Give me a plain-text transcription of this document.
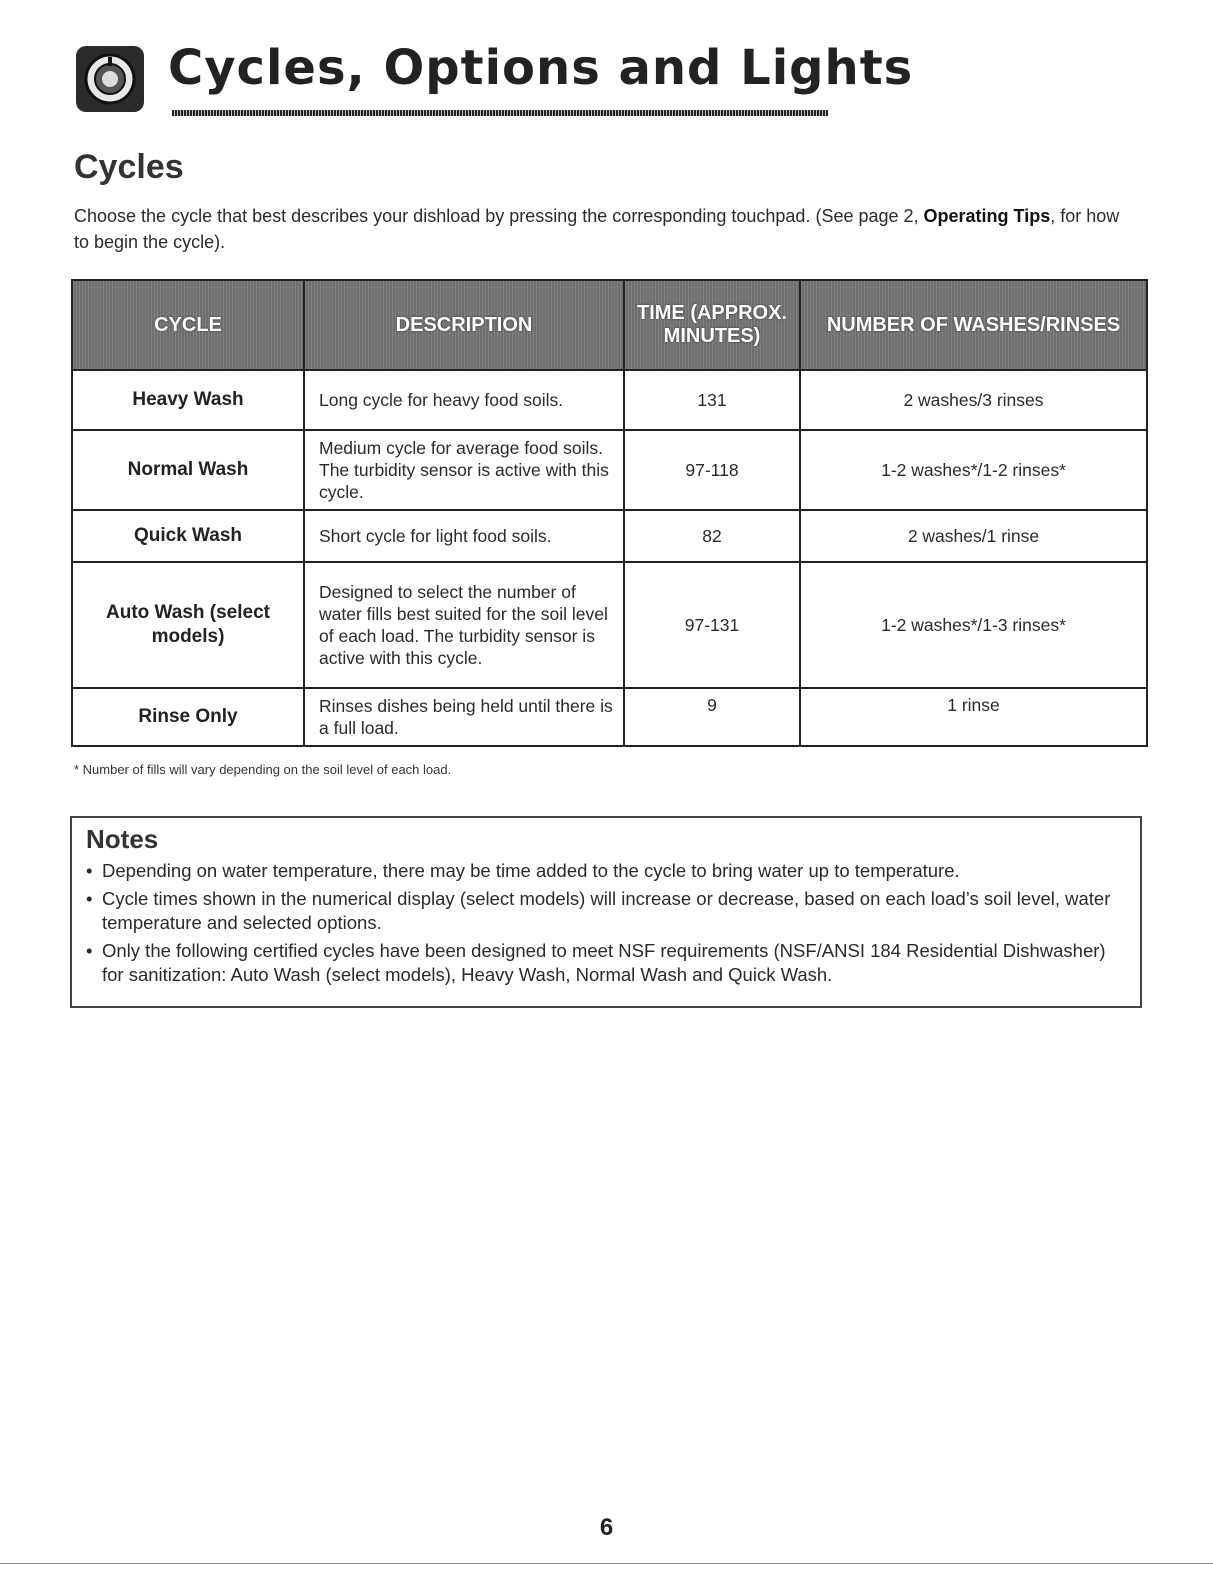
Cycles, Options and Lights
Cycles

Choose the cycle that best describes your dishload by pressing the corresponding touchpad. (See page 2, Operating Tips, for how to begin the cycle).

CYCLE	DESCRIPTION	TIME (APPROX. MINUTES)	NUMBER OF WASHES/RINSES
Heavy Wash	Long cycle for heavy food soils.	131	2 washes/3 rinses
Normal Wash	Medium cycle for average food soils. The turbidity sensor is active with this cycle.	97-118	1-2 washes*/1-2 rinses*
Quick Wash	Short cycle for light food soils.	82	2 washes/1 rinse
Auto Wash (select models)	Designed to select the number of water fills best suited for the soil level of each load. The turbidity sensor is active with this cycle.	97-131	1-2 washes*/1-3 rinses*
Rinse Only	Rinses dishes being held until there is a full load.	9	1 rinse

* Number of fills will vary depending on the soil level of each load.

Notes
• Depending on water temperature, there may be time added to the cycle to bring water up to temperature.
• Cycle times shown in the numerical display (select models) will increase or decrease, based on each load’s soil level, water temperature and selected options.
• Only the following certified cycles have been designed to meet NSF requirements (NSF/ANSI 184 Residential Dishwasher) for sanitization: Auto Wash (select models), Heavy Wash, Normal Wash and Quick Wash.
6
